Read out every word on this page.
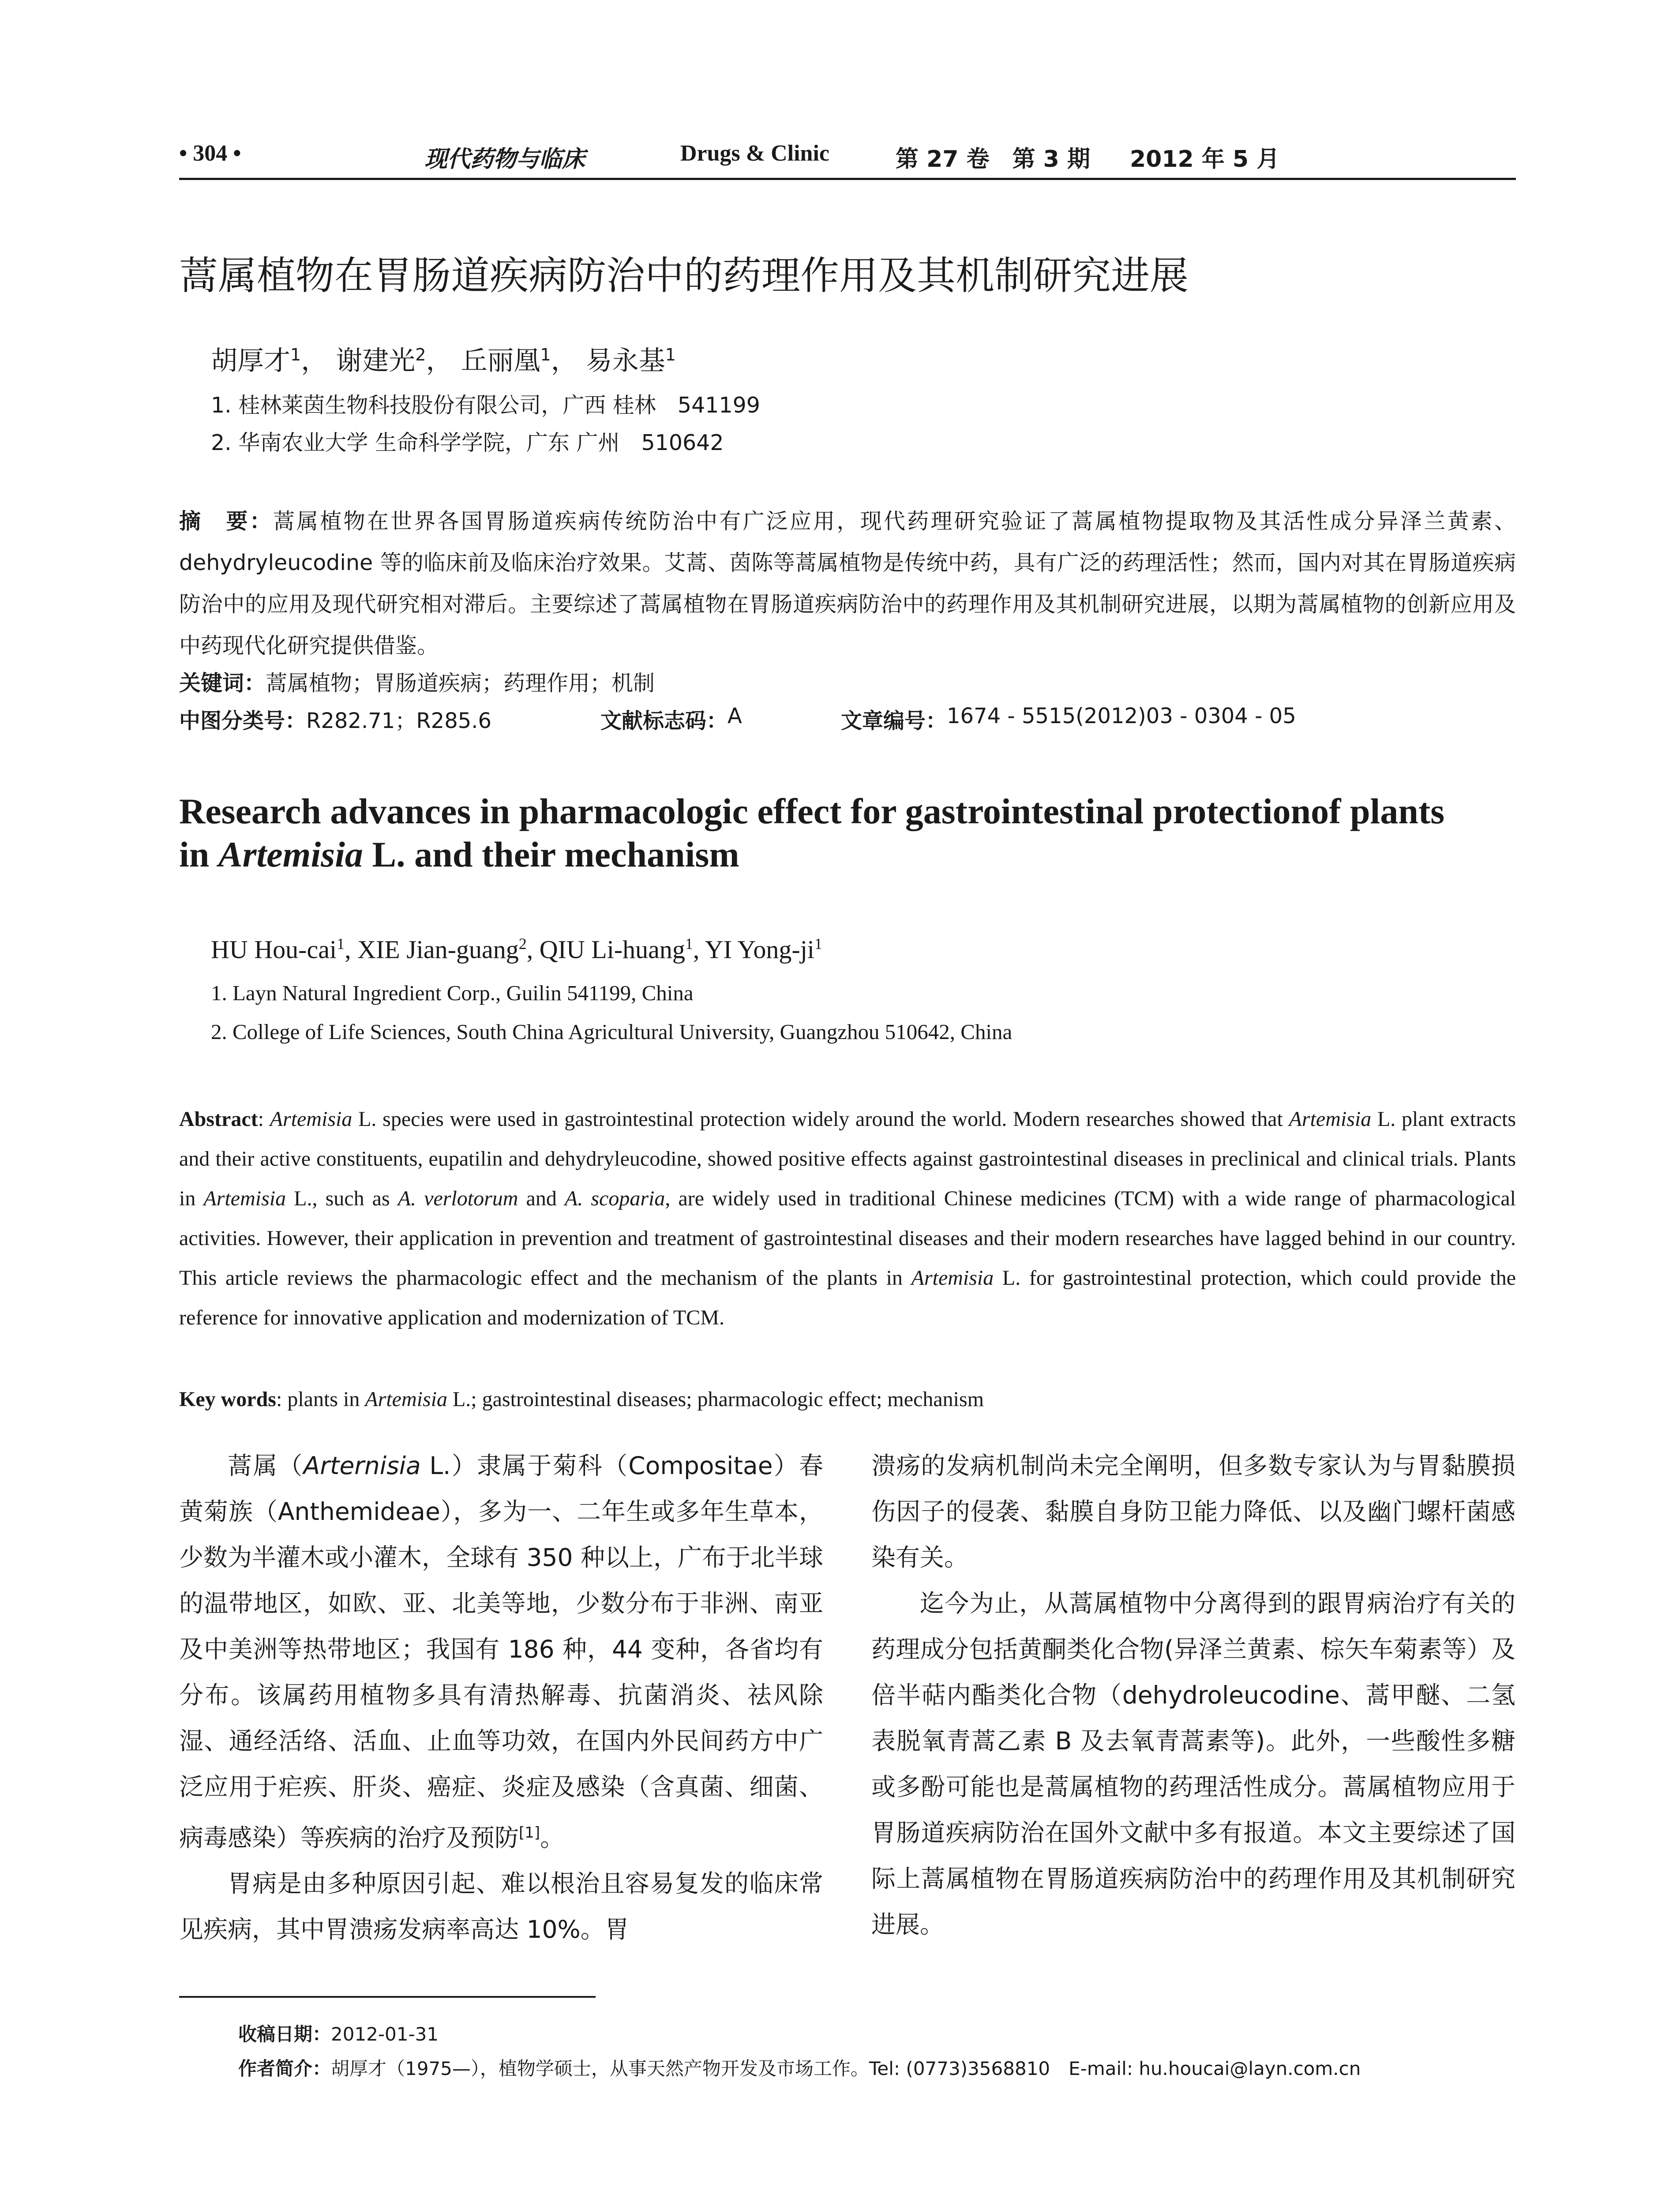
• 304 •	现代药物与临床	Drugs & Clinic	第 27 卷　第 3 期 2012 年 5 月
蒿属植物在胃肠道疾病防治中的药理作用及其机制研究进展
胡厚才$^1$， 谢建光$^2$， 丘丽凰$^1$， 易永基$^1$
1. 桂林莱茵生物科技股份有限公司，广西 桂林　541199
2. 华南农业大学 生命科学学院，广东 广州　510642
摘　要：蒿属植物在世界各国胃肠道疾病传统防治中有广泛应用，现代药理研究验证了蒿属植物提取物及其活性成分异泽兰黄素、dehydryleucodine 等的临床前及临床治疗效果。艾蒿、茵陈等蒿属植物是传统中药，具有广泛的药理活性；然而，国内对其在胃肠道疾病防治中的应用及现代研究相对滞后。主要综述了蒿属植物在胃肠道疾病防治中的药理作用及其机制研究进展，以期为蒿属植物的创新应用及中药现代化研究提供借鉴。
关键词：蒿属植物；胃肠道疾病；药理作用；机制
中图分类号： R282.71；R285.6	文献标志码： A	文章编号： 1674 - 5515(2012)03 - 0304 - 05
Research advances in pharmacologic effect for gastrointestinal protectionof plants
in Artemisia L. and their mechanism
HU Hou-cai$^1$, XIE Jian-guang$^2$, QIU Li-huang$^1$, YI Yong-$ji^1$
1. Layn Natural Ingredient Corp., Guilin 541199, China
2. College of Life Sciences, South China Agricultural University, Guangzhou 510642, China
Abstract: Artemisia L. species were used in gastrointestinal protection widely around the world. Modern researches showed that Artemisia L. plant extracts and their active constituents, eupatilin and dehydryleucodine, showed positive effects against gastrointestinal diseases in preclinical and clinical trials. Plants in Artemisia L., such as A. verlotorum and A. scoparia, are widely used in traditional Chinese medicines (TCM) with a wide range of pharmacological activities. However, their application in prevention and treatment of gastrointestinal diseases and their modern researches have lagged behind in our country. This article reviews the pharmacologic effect and the mechanism of the plants in Artemisia L. for gastrointestinal protection, which could provide the reference for innovative application and modernization of TCM.
Key words: plants in Artemisia L.; gastrointestinal diseases; pharmacologic effect; mechanism

蒿属（Arternisia L.）隶属于菊科（Compositae）春黄菊族（Anthemideae），多为一、二年生或多年生草本，少数为半灌木或小灌木，全球有 350 种以上，广布于北半球的温带地区，如欧、亚、北美等地，少数分布于非洲、南亚及中美洲等热带地区；我国有 186 种，44 变种，各省均有分布。该属药用植物多具有清热解毒、抗菌消炎、祛风除湿、通经活络、活血、止血等功效，在国内外民间药方中广泛应用于疟疾、肝炎、癌症、炎症及感染（含真菌、细菌、病毒感染）等疾病的治疗及预防[1]。

胃病是由多种原因引起、难以根治且容易复发的临床常见疾病，其中胃溃疡发病率高达 10%。胃

溃疡的发病机制尚未完全阐明，但多数专家认为与胃黏膜损伤因子的侵袭、黏膜自身防卫能力降低、以及幽门螺杆菌感染有关。

迄今为止，从蒿属植物中分离得到的跟胃病治疗有关的药理成分包括黄酮类化合物(异泽兰黄素、棕矢车菊素等）及倍半萜内酯类化合物（dehydroleucodine、蒿甲醚、二氢表脱氧青蒿乙素 B 及去氧青蒿素等)。此外，一些酸性多糖或多酚可能也是蒿属植物的药理活性成分。蒿属植物应用于胃肠道疾病防治在国外文献中多有报道。本文主要综述了国际上蒿属植物在胃肠道疾病防治中的药理作用及其机制研究进展。

收稿日期：2012-01-31
作者简介：胡厚才（1975—），植物学硕士，从事天然产物开发及市场工作。Tel: (0773)3568810　E-mail: hu.houcai@layn.com.cn
